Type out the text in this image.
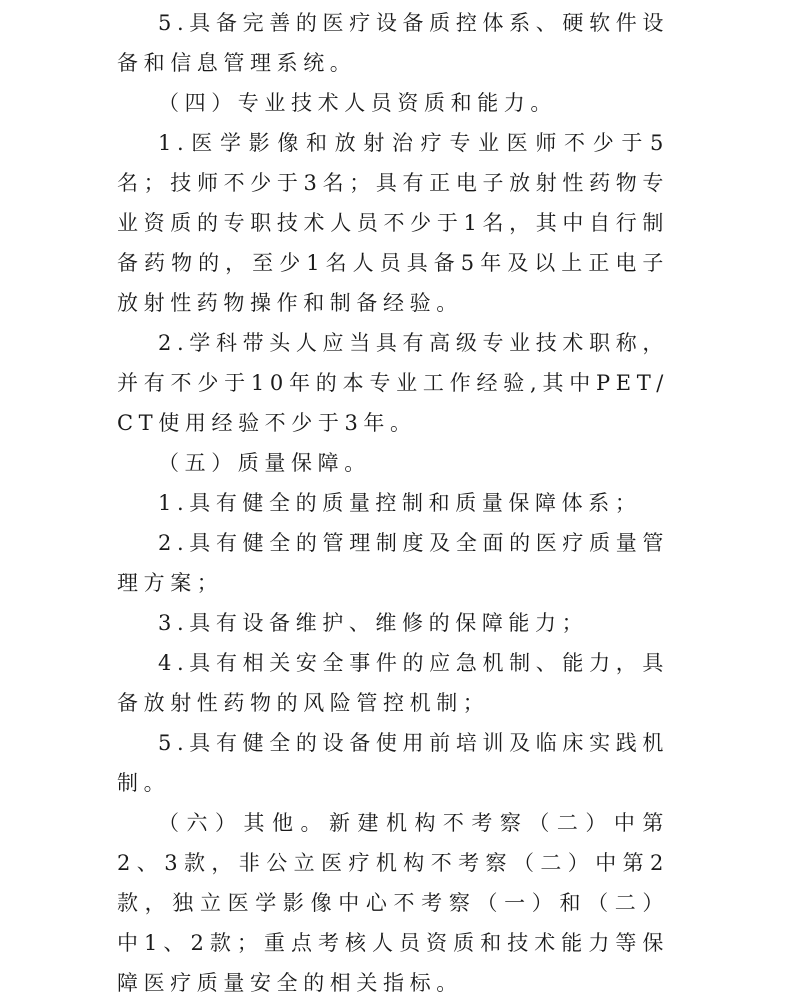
5.具备完善的医疗设备质控体系、硬软件设备和信息管理系统。

（四）专业技术人员资质和能力。

1.医学影像和放射治疗专业医师不少于5名；技师不少于3名；具有正电子放射性药物专业资质的专职技术人员不少于1名，其中自行制备药物的，至少1名人员具备5年及以上正电子放射性药物操作和制备经验。

2.学科带头人应当具有高级专业技术职称，并有不少于10年的本专业工作经验,其中PET/CT使用经验不少于3年。

（五）质量保障。

1.具有健全的质量控制和质量保障体系；

2.具有健全的管理制度及全面的医疗质量管理方案；

3.具有设备维护、维修的保障能力；

4.具有相关安全事件的应急机制、能力，具备放射性药物的风险管控机制；

5.具有健全的设备使用前培训及临床实践机制。

（六）其他。新建机构不考察（二）中第2、3款，非公立医疗机构不考察（二）中第2款，独立医学影像中心不考察（一）和（二）中1、2款；重点考核人员资质和技术能力等保障医疗质量安全的相关指标。
